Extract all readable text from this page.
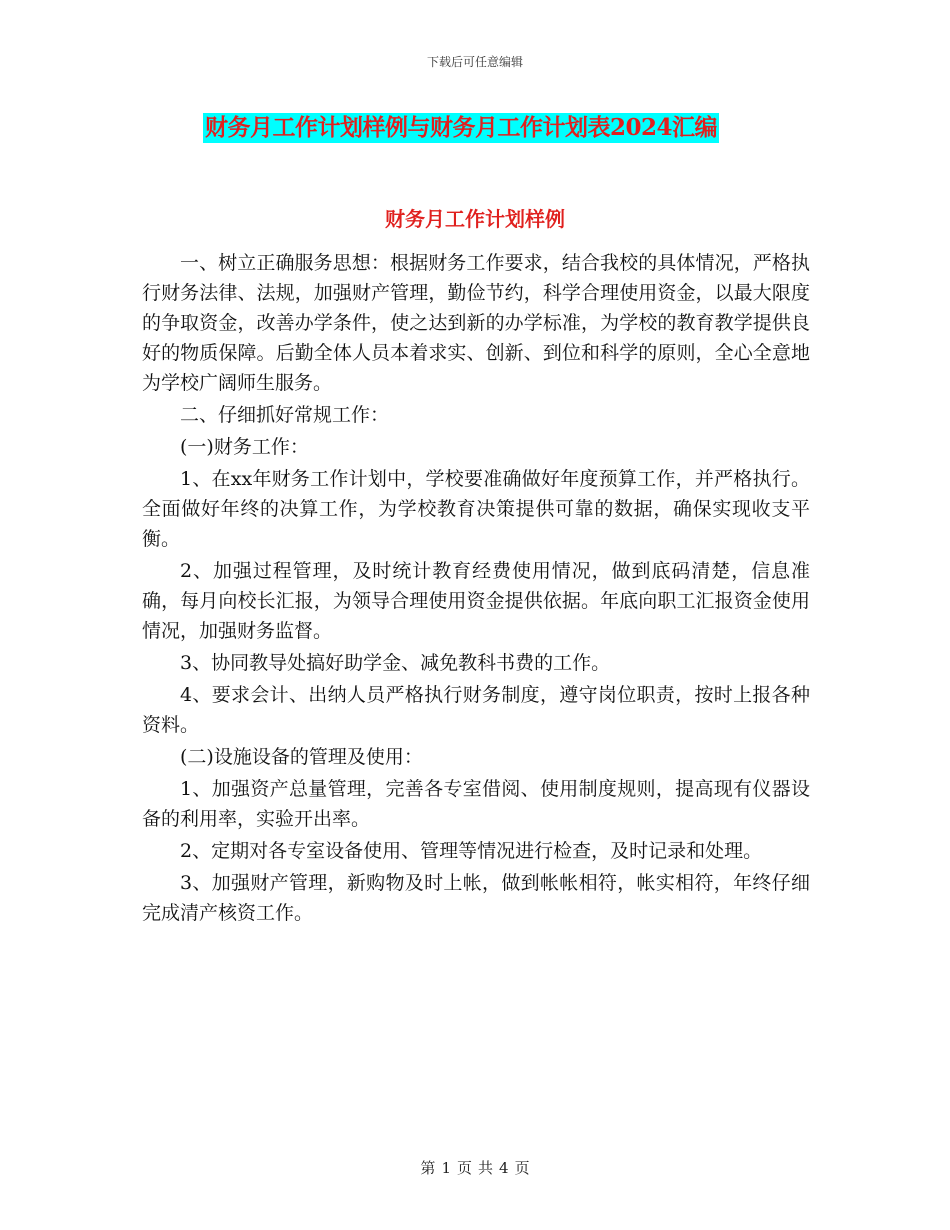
下载后可任意编辑
财务月工作计划样例与财务月工作计划表2024汇编
财务月工作计划样例

一、树立正确服务思想：根据财务工作要求，结合我校的具体情况，严格执行财务法律、法规，加强财产管理，勤俭节约，科学合理使用资金，以最大限度的争取资金，改善办学条件，使之达到新的办学标准，为学校的教育教学提供良好的物质保障。后勤全体人员本着求实、创新、到位和科学的原则，全心全意地为学校广阔师生服务。

二、仔细抓好常规工作：

(一)财务工作：

1、在xx年财务工作计划中，学校要准确做好年度预算工作，并严格执行。全面做好年终的决算工作，为学校教育决策提供可靠的数据，确保实现收支平衡。

2、加强过程管理，及时统计教育经费使用情况，做到底码清楚，信息准确，每月向校长汇报，为领导合理使用资金提供依据。年底向职工汇报资金使用情况，加强财务监督。

3、协同教导处搞好助学金、减免教科书费的工作。

4、要求会计、出纳人员严格执行财务制度，遵守岗位职责，按时上报各种资料。

(二)设施设备的管理及使用：

1、加强资产总量管理，完善各专室借阅、使用制度规则，提高现有仪器设备的利用率，实验开出率。

2、定期对各专室设备使用、管理等情况进行检查，及时记录和处理。

3、加强财产管理，新购物及时上帐，做到帐帐相符，帐实相符，年终仔细完成清产核资工作。

第 1 页 共 4 页
